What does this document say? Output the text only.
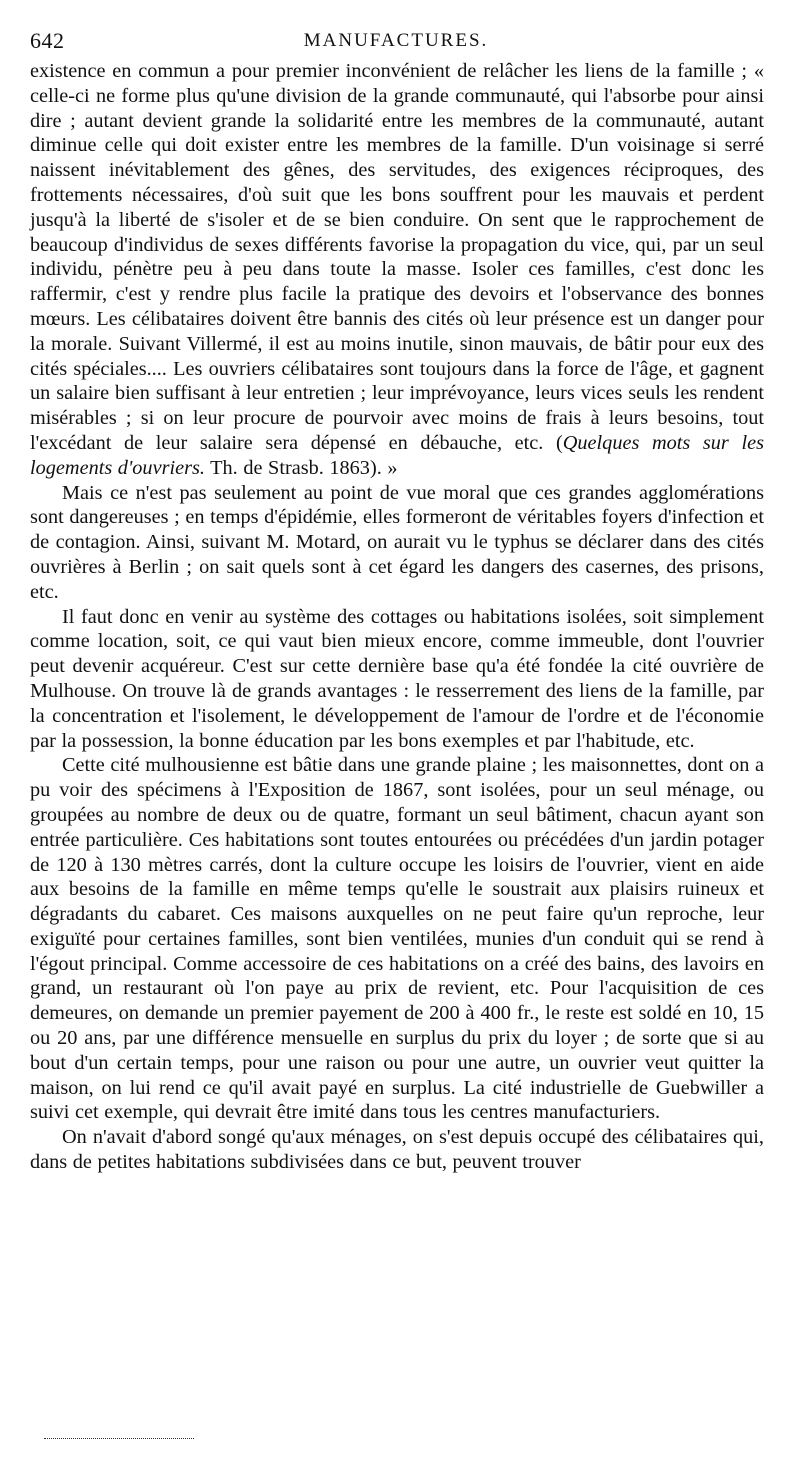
642	MANUFACTURES.

existence en commun a pour premier inconvénient de relâcher les liens de la famille ; « celle-ci ne forme plus qu'une division de la grande communauté, qui l'absorbe pour ainsi dire ; autant devient grande la solidarité entre les membres de la communauté, autant diminue celle qui doit exister entre les membres de la famille. D'un voisinage si serré naissent inévitablement des gênes, des servitudes, des exigences réciproques, des frottements nécessaires, d'où suit que les bons souffrent pour les mauvais et perdent jusqu'à la liberté de s'isoler et de se bien conduire. On sent que le rapprochement de beaucoup d'individus de sexes différents favorise la propagation du vice, qui, par un seul individu, pénètre peu à peu dans toute la masse. Isoler ces familles, c'est donc les raffermir, c'est y rendre plus facile la pratique des devoirs et l'observance des bonnes mœurs. Les célibataires doivent être bannis des cités où leur présence est un danger pour la morale. Suivant Villermé, il est au moins inutile, sinon mauvais, de bâtir pour eux des cités spéciales.... Les ouvriers célibataires sont toujours dans la force de l'âge, et gagnent un salaire bien suffisant à leur entretien ; leur imprévoyance, leurs vices seuls les rendent misérables ; si on leur procure de pourvoir avec moins de frais à leurs besoins, tout l'excédant de leur salaire sera dépensé en débauche, etc. (Quelques mots sur les logements d'ouvriers. Th. de Strasb. 1863). »

Mais ce n'est pas seulement au point de vue moral que ces grandes agglomérations sont dangereuses ; en temps d'épidémie, elles formeront de véritables foyers d'infection et de contagion. Ainsi, suivant M. Motard, on aurait vu le typhus se déclarer dans des cités ouvrières à Berlin ; on sait quels sont à cet égard les dangers des casernes, des prisons, etc.

Il faut donc en venir au système des cottages ou habitations isolées, soit simplement comme location, soit, ce qui vaut bien mieux encore, comme immeuble, dont l'ouvrier peut devenir acquéreur. C'est sur cette dernière base qu'a été fondée la cité ouvrière de Mulhouse. On trouve là de grands avantages : le resserrement des liens de la famille, par la concentration et l'isolement, le développement de l'amour de l'ordre et de l'économie par la possession, la bonne éducation par les bons exemples et par l'habitude, etc.

Cette cité mulhousienne est bâtie dans une grande plaine ; les maisonnettes, dont on a pu voir des spécimens à l'Exposition de 1867, sont isolées, pour un seul ménage, ou groupées au nombre de deux ou de quatre, formant un seul bâtiment, chacun ayant son entrée particulière. Ces habitations sont toutes entourées ou précédées d'un jardin potager de 120 à 130 mètres carrés, dont la culture occupe les loisirs de l'ouvrier, vient en aide aux besoins de la famille en même temps qu'elle le soustrait aux plaisirs ruineux et dégradants du cabaret. Ces maisons auxquelles on ne peut faire qu'un reproche, leur exiguïté pour certaines familles, sont bien ventilées, munies d'un conduit qui se rend à l'égout principal. Comme accessoire de ces habitations on a créé des bains, des lavoirs en grand, un restaurant où l'on paye au prix de revient, etc. Pour l'acquisition de ces demeures, on demande un premier payement de 200 à 400 fr., le reste est soldé en 10, 15 ou 20 ans, par une différence mensuelle en surplus du prix du loyer ; de sorte que si au bout d'un certain temps, pour une raison ou pour une autre, un ouvrier veut quitter la maison, on lui rend ce qu'il avait payé en surplus. La cité industrielle de Guebwiller a suivi cet exemple, qui devrait être imité dans tous les centres manufacturiers.

On n'avait d'abord songé qu'aux ménages, on s'est depuis occupé des célibataires qui, dans de petites habitations subdivisées dans ce but, peuvent trouver
